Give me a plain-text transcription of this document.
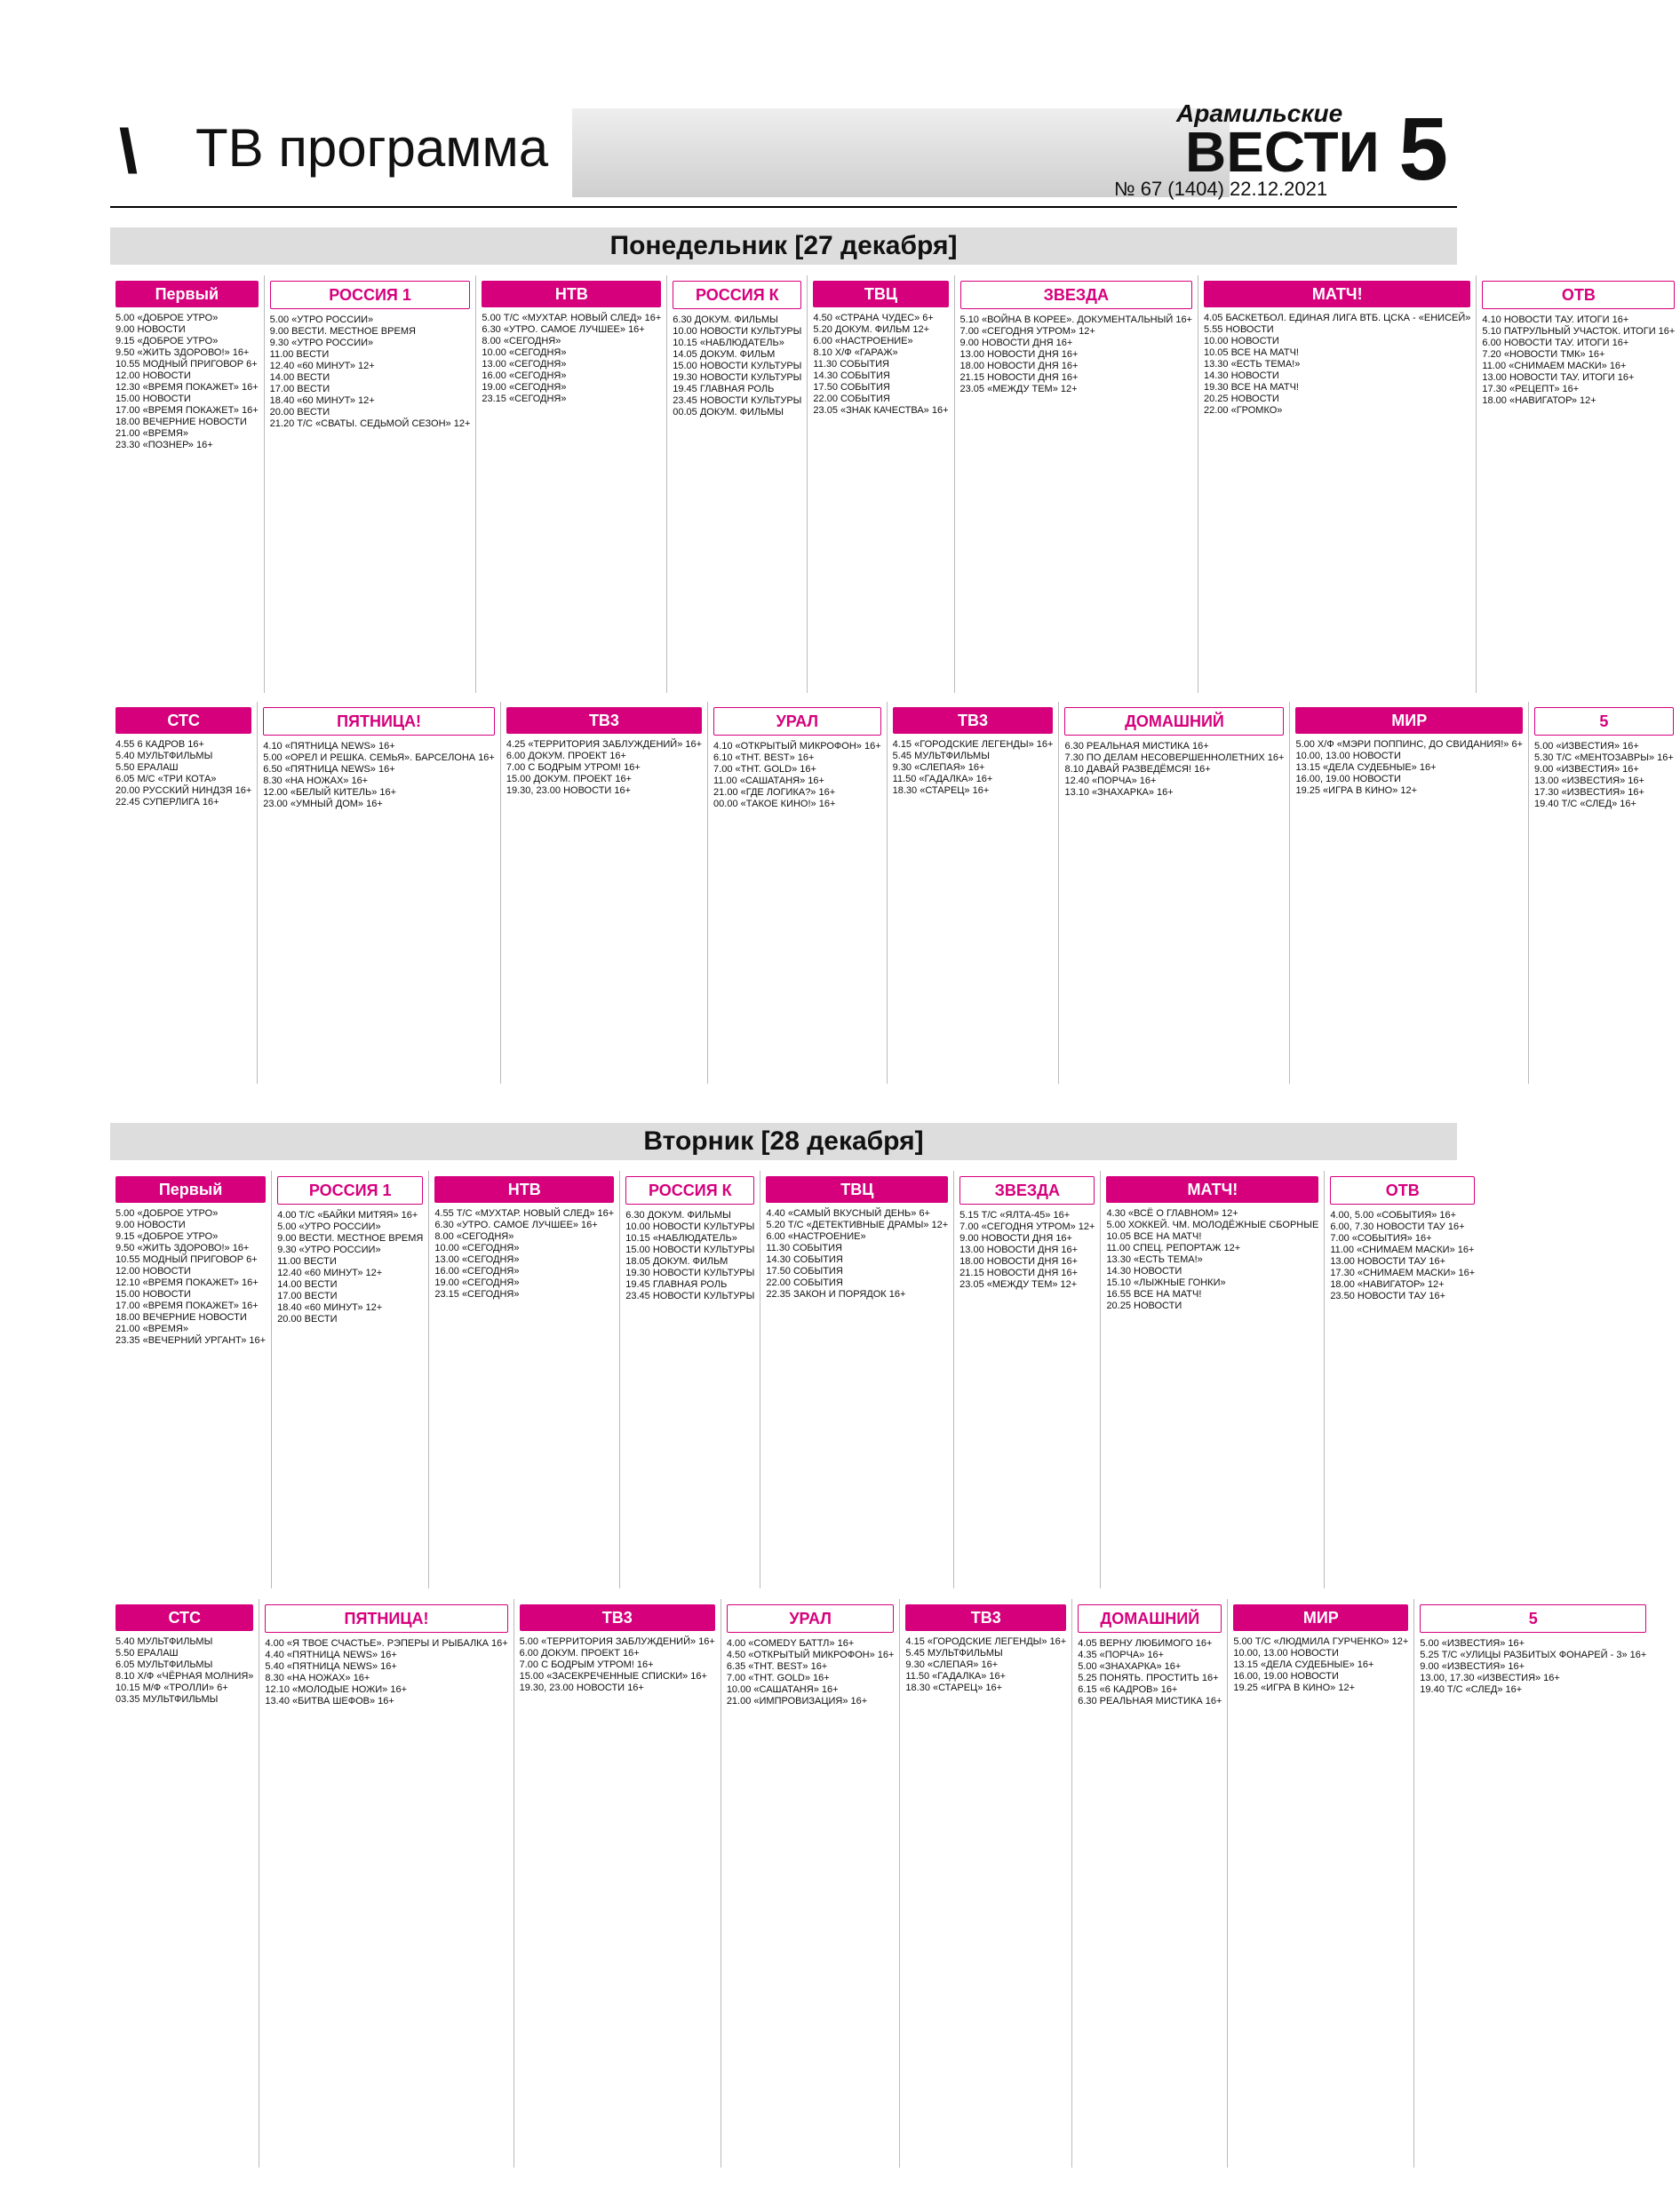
\\ ТВ программа
Арамильские
ВЕСТИ
№ 67 (1404) 22.12.2021 5
Понедельник [27 декабря]
Первый
5.00 «ДОБРОЕ УТРО»
9.00 НОВОСТИ
9.15 «ДОБРОЕ УТРО»
9.50 «ЖИТЬ ЗДОРОВО!» 16+
10.55 МОДНЫЙ ПРИГОВОР 6+
12.00 НОВОСТИ
12.30 «ВРЕМЯ ПОКАЖЕТ» 16+
15.00 НОВОСТИ
17.00 «ВРЕМЯ ПОКАЖЕТ» 16+
18.00 ВЕЧЕРНИЕ НОВОСТИ
21.00 «ВРЕМЯ»
23.30 «ПОЗНЕР» 16+
РОССИЯ 1
5.00 «УТРО РОССИИ»
9.00 ВЕСТИ. МЕСТНОЕ ВРЕМЯ
9.30 «УТРО РОССИИ»
11.00 ВЕСТИ
12.40 «60 МИНУТ» 12+
14.00 ВЕСТИ
17.00 ВЕСТИ
18.40 «60 МИНУТ» 12+
20.00 ВЕСТИ
21.20 Т/С «СВАТЫ. СЕДЬМОЙ СЕЗОН» 12+
НТВ
5.00 Т/С «МУХТАР. НОВЫЙ СЛЕД» 16+
6.30 «УТРО. САМОЕ ЛУЧШЕЕ» 16+
8.00 «СЕГОДНЯ»
10.00 «СЕГОДНЯ»
13.00 «СЕГОДНЯ»
16.00 «СЕГОДНЯ»
19.00 «СЕГОДНЯ»
23.15 «СЕГОДНЯ»
РОССИЯ К
6.30 ДОКУМ. ФИЛЬМЫ
10.00 НОВОСТИ КУЛЬТУРЫ
10.15 «НАБЛЮДАТЕЛЬ»
14.05 ДОКУМ. ФИЛЬМ
15.00 НОВОСТИ КУЛЬТУРЫ
19.30 НОВОСТИ КУЛЬТУРЫ
19.45 ГЛАВНАЯ РОЛЬ
23.45 НОВОСТИ КУЛЬТУРЫ
00.05 ДОКУМ. ФИЛЬМЫ
ТВЦ
4.50 «СТРАНА ЧУДЕС» 6+
5.20 ДОКУМ. ФИЛЬМ 12+
6.00 «НАСТРОЕНИЕ»
8.10 Х/Ф «ГАРАЖ»
11.30 СОБЫТИЯ
14.30 СОБЫТИЯ
17.50 СОБЫТИЯ
22.00 СОБЫТИЯ
23.05 «ЗНАК КАЧЕСТВА» 16+
ЗВЕЗДА
5.10 «ВОЙНА В КОРЕЕ». ДОКУМЕНТАЛЬНЫЙ 16+
7.00 «СЕГОДНЯ УТРОМ» 12+
9.00 НОВОСТИ ДНЯ 16+
13.00 НОВОСТИ ДНЯ 16+
18.00 НОВОСТИ ДНЯ 16+
21.15 НОВОСТИ ДНЯ 16+
23.05 «МЕЖДУ ТЕМ» 12+
МАТЧ!
4.05 БАСКЕТБОЛ. ЕДИНАЯ ЛИГА ВТБ. ЦСКА - «ЕНИСЕЙ»
5.55 НОВОСТИ
10.00 НОВОСТИ
10.05 ВСЕ НА МАТЧ!
13.30 «ЕСТЬ ТЕМА!»
14.30 НОВОСТИ
19.30 ВСЕ НА МАТЧ!
20.25 НОВОСТИ
22.00 «ГРОМКО»
ОТВ
4.10 НОВОСТИ ТАУ. ИТОГИ 16+
5.10 ПАТРУЛЬНЫЙ УЧАСТОК. ИТОГИ 16+
6.00 НОВОСТИ ТАУ. ИТОГИ 16+
7.20 «НОВОСТИ ТМК» 16+
11.00 «СНИМАЕМ МАСКИ» 16+
13.00 НОВОСТИ ТАУ. ИТОГИ 16+
17.30 «РЕЦЕПТ» 16+
18.00 «НАВИГАТОР» 12+
СТС
4.55 6 КАДРОВ 16+
5.40 МУЛЬТФИЛЬМЫ
5.50 ЕРАЛАШ
6.05 М/С «ТРИ КОТА»
20.00 РУССКИЙ НИНДЗЯ 16+
22.45 СУПЕРЛИГА 16+
ПЯТНИЦА!
4.10 «ПЯТНИЦА NEWS» 16+
5.00 «ОРЕЛ И РЕШКА. СЕМЬЯ». БАРСЕЛОНА 16+
6.50 «ПЯТНИЦА NEWS» 16+
8.30 «НА НОЖАХ» 16+
12.00 «БЕЛЫЙ КИТЕЛЬ» 16+
23.00 «УМНЫЙ ДОМ» 16+
ТВ3
4.25 «ТЕРРИТОРИЯ ЗАБЛУЖДЕНИЙ» 16+
6.00 ДОКУМ. ПРОЕКТ 16+
7.00 С БОДРЫМ УТРОМ! 16+
15.00 ДОКУМ. ПРОЕКТ 16+
19.30, 23.00 НОВОСТИ 16+
УРАЛ
4.10 «ОТКРЫТЫЙ МИКРОФОН» 16+
6.10 «THT. BEST» 16+
7.00 «THT. GOLD» 16+
11.00 «САШАТАНЯ» 16+
21.00 «ГДЕ ЛОГИКА?» 16+
00.00 «ТАКОЕ КИНО!» 16+
ТВ3
4.15 «ГОРОДСКИЕ ЛЕГЕНДЫ» 16+
5.45 МУЛЬТФИЛЬМЫ
9.30 «СЛЕПАЯ» 16+
11.50 «ГАДАЛКА» 16+
18.30 «СТАРЕЦ» 16+
ДОМАШНИЙ
6.30 РЕАЛЬНАЯ МИСТИКА 16+
7.30 ПО ДЕЛАМ НЕСОВЕРШЕННОЛЕТНИХ 16+
8.10 ДАВАЙ РАЗВЕДЁМСЯ! 16+
12.40 «ПОРЧА» 16+
13.10 «ЗНАХАРКА» 16+
МИР
5.00 Х/Ф «МЭРИ ПОППИНС, ДО СВИДАНИЯ!» 6+
10.00, 13.00 НОВОСТИ
13.15 «ДЕЛА СУДЕБНЫЕ» 16+
16.00, 19.00 НОВОСТИ
19.25 «ИГРА В КИНО» 12+
5
5.00 «ИЗВЕСТИЯ» 16+
5.30 Т/С «МЕНТОЗАВРЫ» 16+
9.00 «ИЗВЕСТИЯ» 16+
13.00 «ИЗВЕСТИЯ» 16+
17.30 «ИЗВЕСТИЯ» 16+
19.40 Т/С «СЛЕД» 16+
Вторник [28 декабря]
Первый
5.00 «ДОБРОЕ УТРО»
9.00 НОВОСТИ
9.15 «ДОБРОЕ УТРО»
9.50 «ЖИТЬ ЗДОРОВО!» 16+
10.55 МОДНЫЙ ПРИГОВОР 6+
12.00 НОВОСТИ
12.10 «ВРЕМЯ ПОКАЖЕТ» 16+
15.00 НОВОСТИ
17.00 «ВРЕМЯ ПОКАЖЕТ» 16+
18.00 ВЕЧЕРНИЕ НОВОСТИ
21.00 «ВРЕМЯ»
23.35 «ВЕЧЕРНИЙ УРГАНТ» 16+
РОССИЯ 1
4.00 Т/С «БАЙКИ МИТЯЯ» 16+
5.00 «УТРО РОССИИ»
9.00 ВЕСТИ. МЕСТНОЕ ВРЕМЯ
9.30 «УТРО РОССИИ»
11.00 ВЕСТИ
12.40 «60 МИНУТ» 12+
14.00 ВЕСТИ
17.00 ВЕСТИ
18.40 «60 МИНУТ» 12+
20.00 ВЕСТИ
НТВ
4.55 Т/С «МУХТАР. НОВЫЙ СЛЕД» 16+
6.30 «УТРО. САМОЕ ЛУЧШЕЕ» 16+
8.00 «СЕГОДНЯ»
10.00 «СЕГОДНЯ»
13.00 «СЕГОДНЯ»
16.00 «СЕГОДНЯ»
19.00 «СЕГОДНЯ»
23.15 «СЕГОДНЯ»
РОССИЯ К
6.30 ДОКУМ. ФИЛЬМЫ
10.00 НОВОСТИ КУЛЬТУРЫ
10.15 «НАБЛЮДАТЕЛЬ»
15.00 НОВОСТИ КУЛЬТУРЫ
18.05 ДОКУМ. ФИЛЬМ
19.30 НОВОСТИ КУЛЬТУРЫ
19.45 ГЛАВНАЯ РОЛЬ
23.45 НОВОСТИ КУЛЬТУРЫ
ТВЦ
4.40 «САМЫЙ ВКУСНЫЙ ДЕНЬ» 6+
5.20 Т/С «ДЕТЕКТИВНЫЕ ДРАМЫ» 12+
6.00 «НАСТРОЕНИЕ»
11.30 СОБЫТИЯ
14.30 СОБЫТИЯ
17.50 СОБЫТИЯ
22.00 СОБЫТИЯ
22.35 ЗАКОН И ПОРЯДОК 16+
ЗВЕЗДА
5.15 Т/С «ЯЛТА-45» 16+
7.00 «СЕГОДНЯ УТРОМ» 12+
9.00 НОВОСТИ ДНЯ 16+
13.00 НОВОСТИ ДНЯ 16+
18.00 НОВОСТИ ДНЯ 16+
21.15 НОВОСТИ ДНЯ 16+
23.05 «МЕЖДУ ТЕМ» 12+
МАТЧ!
4.30 «ВСЁ О ГЛАВНОМ» 12+
5.00 ХОККЕЙ. ЧМ. МОЛОДЁЖНЫЕ СБОРНЫЕ
10.05 ВСЕ НА МАТЧ!
11.00 СПЕЦ. РЕПОРТАЖ 12+
13.30 «ЕСТЬ ТЕМА!»
14.30 НОВОСТИ
15.10 «ЛЫЖНЫЕ ГОНКИ»
16.55 ВСЕ НА МАТЧ!
20.25 НОВОСТИ
ОТВ
4.00, 5.00 «СОБЫТИЯ» 16+
6.00, 7.30 НОВОСТИ ТАУ 16+
7.00 «СОБЫТИЯ» 16+
11.00 «СНИМАЕМ МАСКИ» 16+
13.00 НОВОСТИ ТАУ 16+
17.30 «СНИМАЕМ МАСКИ» 16+
18.00 «НАВИГАТОР» 12+
23.50 НОВОСТИ ТАУ 16+
СТС
5.40 МУЛЬТФИЛЬМЫ
5.50 ЕРАЛАШ
6.05 МУЛЬТФИЛЬМЫ
8.10 Х/Ф «ЧЁРНАЯ МОЛНИЯ»
10.15 М/Ф «ТРОЛЛИ» 6+
03.35 МУЛЬТФИЛЬМЫ
ПЯТНИЦА!
4.00 «Я ТВОЕ СЧАСТЬЕ». РЭПЕРЫ И РЫБАЛКА 16+
4.40 «ПЯТНИЦА NEWS» 16+
5.40 «ПЯТНИЦА NEWS» 16+
8.30 «НА НОЖАХ» 16+
12.10 «МОЛОДЫЕ НОЖИ» 16+
13.40 «БИТВА ШЕФОВ» 16+
ТВ3
5.00 «ТЕРРИТОРИЯ ЗАБЛУЖДЕНИЙ» 16+
6.00 ДОКУМ. ПРОЕКТ 16+
7.00 С БОДРЫМ УТРОМ! 16+
15.00 «ЗАСЕКРЕЧЕННЫЕ СПИСКИ» 16+
19.30, 23.00 НОВОСТИ 16+
УРАЛ
4.00 «COMEDY БАТТЛ» 16+
4.50 «ОТКРЫТЫЙ МИКРОФОН» 16+
6.35 «THT. BEST» 16+
7.00 «THT. GOLD» 16+
10.00 «САШАТАНЯ» 16+
21.00 «ИМПРОВИЗАЦИЯ» 16+
ТВ3
4.15 «ГОРОДСКИЕ ЛЕГЕНДЫ» 16+
5.45 МУЛЬТФИЛЬМЫ
9.30 «СЛЕПАЯ» 16+
11.50 «ГАДАЛКА» 16+
18.30 «СТАРЕЦ» 16+
ДОМАШНИЙ
4.05 ВЕРНУ ЛЮБИМОГО 16+
4.35 «ПОРЧА» 16+
5.00 «ЗНАХАРКА» 16+
5.25 ПОНЯТЬ. ПРОСТИТЬ 16+
6.15 «6 КАДРОВ» 16+
6.30 РЕАЛЬНАЯ МИСТИКА 16+
МИР
5.00 Т/С «ЛЮДМИЛА ГУРЧЕНКО» 12+
10.00, 13.00 НОВОСТИ
13.15 «ДЕЛА СУДЕБНЫЕ» 16+
16.00, 19.00 НОВОСТИ
19.25 «ИГРА В КИНО» 12+
5
5.00 «ИЗВЕСТИЯ» 16+
5.25 Т/С «УЛИЦЫ РАЗБИТЫХ ФОНАРЕЙ - 3» 16+
9.00 «ИЗВЕСТИЯ» 16+
13.00, 17.30 «ИЗВЕСТИЯ» 16+
19.40 Т/С «СЛЕД» 16+
